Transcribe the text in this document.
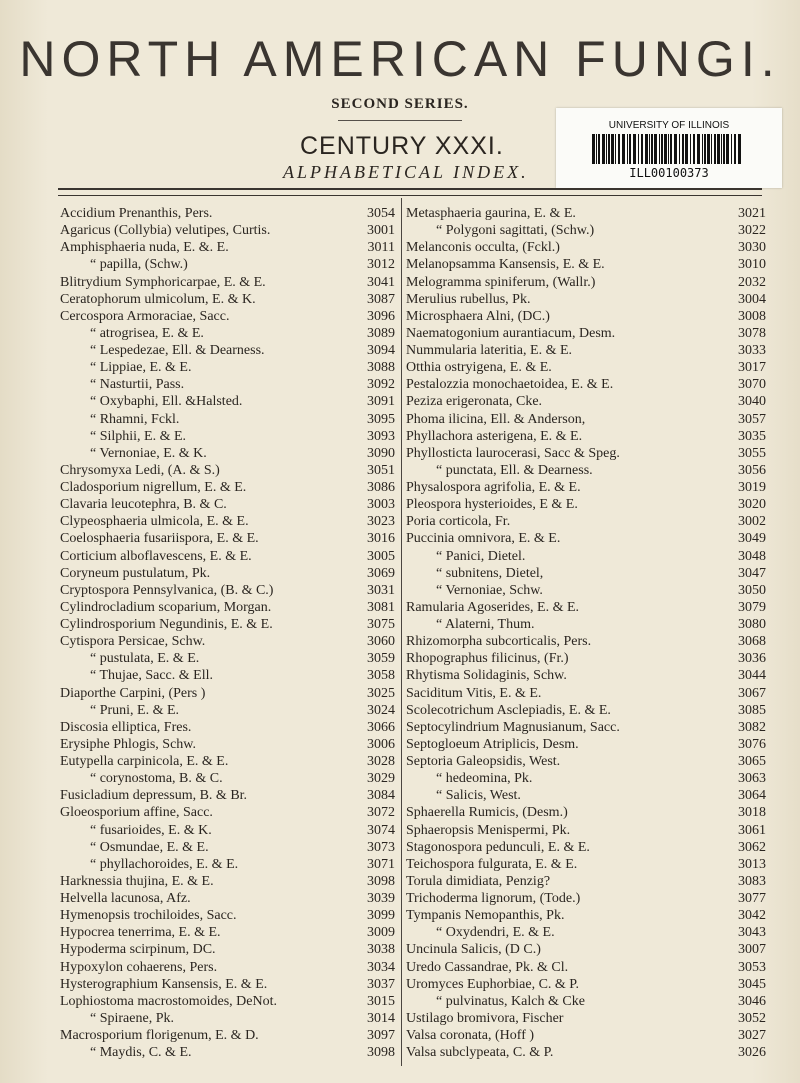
NORTH AMERICAN FUNGI.
SECOND SERIES.
CENTURY XXXI.
ALPHABETICAL INDEX.
UNIVERSITY OF ILLINOIS
ILL00100373
Accidium Prenanthis, Pers.	3054
Agaricus (Collybia) velutipes, Curtis.	3001
Amphisphaeria nuda, E. &. E.	3011
“ papilla, (Schw.)	3012
Blitrydium Symphoricarpae, E. & E.	3041
Ceratophorum ulmicolum, E. & K.	3087
Cercospora Armoraciae, Sacc.	3096
“ atrogrisea, E. & E.	3089
“ Lespedezae, Ell. & Dearness.	3094
“ Lippiae, E. & E.	3088
“ Nasturtii, Pass.	3092
“ Oxybaphi, Ell. &Halsted.	3091
“ Rhamni, Fckl.	3095
“ Silphii, E. & E.	3093
“ Vernoniae, E. & K.	3090
Chrysomyxa Ledi, (A. & S.)	3051
Cladosporium nigrellum, E. & E.	3086
Clavaria leucotephra, B. & C.	3003
Clypeosphaeria ulmicola, E. & E.	3023
Coelosphaeria fusariispora, E. & E.	3016
Corticium alboflavescens, E. & E.	3005
Coryneum pustulatum, Pk.	3069
Cryptospora Pennsylvanica, (B. & C.)	3031
Cylindrocladium scoparium, Morgan.	3081
Cylindrosporium Negundinis, E. & E.	3075
Cytispora Persicae, Schw.	3060
“ pustulata, E. & E.	3059
“ Thujae, Sacc. & Ell.	3058
Diaporthe Carpini, (Pers )	3025
“ Pruni, E. & E.	3024
Discosia elliptica, Fres.	3066
Erysiphe Phlogis, Schw.	3006
Eutypella carpinicola, E. & E.	3028
“ corynostoma, B. & C.	3029
Fusicladium depressum, B. & Br.	3084
Gloeosporium affine, Sacc.	3072
“ fusarioides, E. & K.	3074
“ Osmundae, E. & E.	3073
“ phyllachoroides, E. & E.	3071
Harknessia thujina, E. & E.	3098
Helvella lacunosa, Afz.	3039
Hymenopsis trochiloides, Sacc.	3099
Hypocrea tenerrima, E. & E.	3009
Hypoderma scirpinum, DC.	3038
Hypoxylon cohaerens, Pers.	3034
Hysterographium Kansensis, E. & E.	3037
Lophiostoma macrostomoides, DeNot.	3015
“ Spiraene, Pk.	3014
Macrosporium florigenum, E. & D.	3097
“ Maydis, C. & E.	3098
Metasphaeria gaurina, E. & E.	3021
“ Polygoni sagittati, (Schw.)	3022
Melanconis occulta, (Fckl.)	3030
Melanopsamma Kansensis, E. & E.	3010
Melogramma spiniferum, (Wallr.)	2032
Merulius rubellus, Pk.	3004
Microsphaera Alni, (DC.)	3008
Naematogonium aurantiacum, Desm.	3078
Nummularia lateritia, E. & E.	3033
Otthia ostryigena, E. & E.	3017
Pestalozzia monochaetoidea, E. & E.	3070
Peziza erigeronata, Cke.	3040
Phoma ilicina, Ell. & Anderson,	3057
Phyllachora asterigena, E. & E.	3035
Phyllosticta laurocerasi, Sacc & Speg.	3055
“ punctata, Ell. & Dearness.	3056
Physalospora agrifolia, E. & E.	3019
Pleospora hysterioides, E & E.	3020
Poria corticola, Fr.	3002
Puccinia omnivora, E. & E.	3049
“ Panici, Dietel.	3048
“ subnitens, Dietel,	3047
“ Vernoniae, Schw.	3050
Ramularia Agoserides, E. & E.	3079
“ Alaterni, Thum.	3080
Rhizomorpha subcorticalis, Pers.	3068
Rhopographus filicinus, (Fr.)	3036
Rhytisma Solidaginis, Schw.	3044
Saciditum Vitis, E. & E.	3067
Scolecotrichum Asclepiadis, E. & E.	3085
Septocylindrium Magnusianum, Sacc.	3082
Septogloeum Atriplicis, Desm.	3076
Septoria Galeopsidis, West.	3065
“ hedeomina, Pk.	3063
“ Salicis, West.	3064
Sphaerella Rumicis, (Desm.)	3018
Sphaeropsis Menispermi, Pk.	3061
Stagonospora pedunculi, E. & E.	3062
Teichospora fulgurata, E. & E.	3013
Torula dimidiata, Penzig?	3083
Trichoderma lignorum, (Tode.)	3077
Tympanis Nemopanthis, Pk.	3042
“ Oxydendri, E. & E.	3043
Uncinula Salicis, (D C.)	3007
Uredo Cassandrae, Pk. & Cl.	3053
Uromyces Euphorbiae, C. & P.	3045
“ pulvinatus, Kalch & Cke	3046
Ustilago bromivora, Fischer	3052
Valsa coronata, (Hoff )	3027
Valsa subclypeata, C. & P.	3026
